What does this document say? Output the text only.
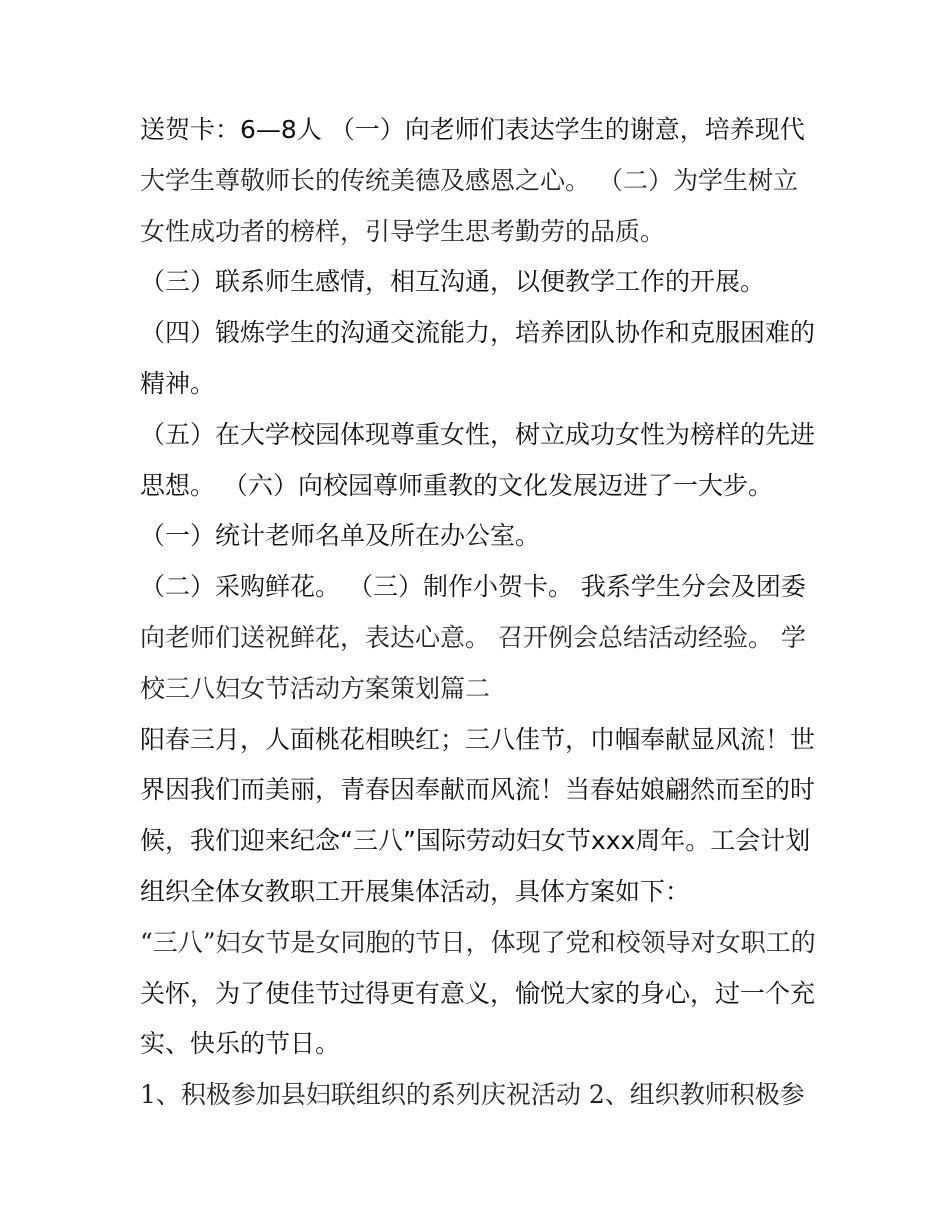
送贺卡：6—8人 （一）向老师们表达学生的谢意，培养现代
大学生尊敬师长的传统美德及感恩之心。 （二）为学生树立
女性成功者的榜样，引导学生思考勤劳的品质。
（三）联系师生感情，相互沟通，以便教学工作的开展。
（四）锻炼学生的沟通交流能力，培养团队协作和克服困难的
精神。
（五）在大学校园体现尊重女性，树立成功女性为榜样的先进
思想。 （六）向校园尊师重教的文化发展迈进了一大步。
（一）统计老师名单及所在办公室。
（二）采购鲜花。 （三）制作小贺卡。 我系学生分会及团委
向老师们送祝鲜花，表达心意。 召开例会总结活动经验。 学
校三八妇女节活动方案策划篇二
阳春三月，人面桃花相映红；三八佳节，巾帼奉献显风流！世
界因我们而美丽，青春因奉献而风流！当春姑娘翩然而至的时
候，我们迎来纪念“三八”国际劳动妇女节xxx周年。工会计划
组织全体女教职工开展集体活动，具体方案如下：
“三八”妇女节是女同胞的节日，体现了党和校领导对女职工的
关怀，为了使佳节过得更有意义，愉悦大家的身心，过一个充
实、快乐的节日。
1、积极参加县妇联组织的系列庆祝活动 2、组织教师积极参
